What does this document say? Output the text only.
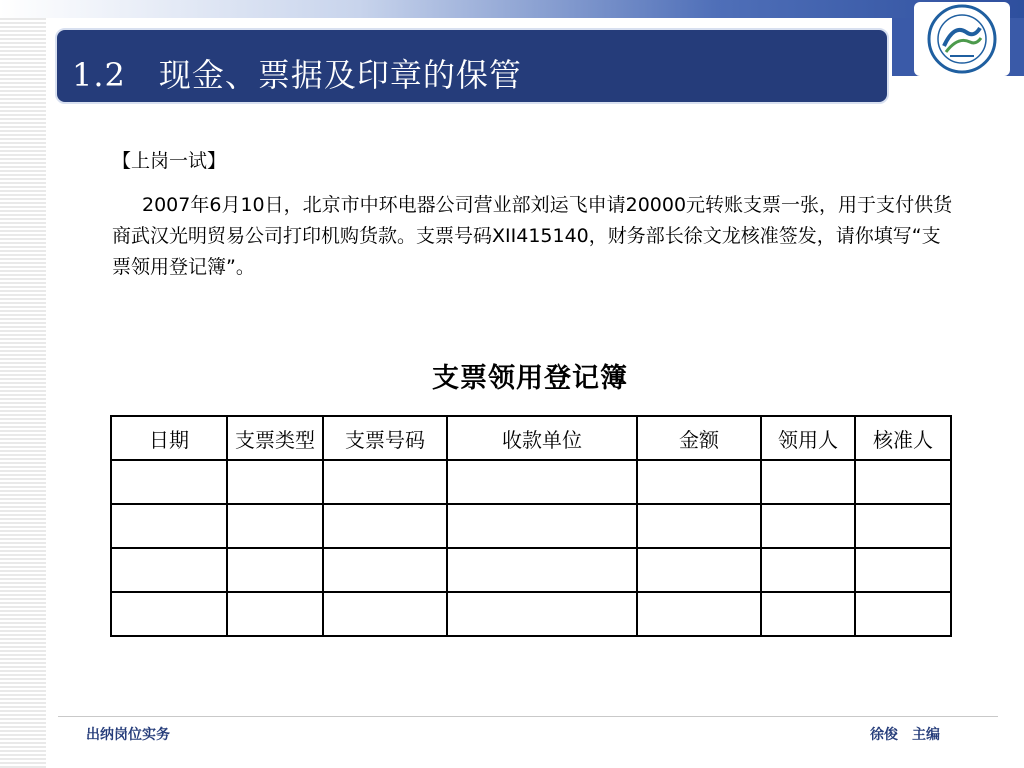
1.2　现金、票据及印章的保管
【上岗一试】
2007年6月10日，北京市中环电器公司营业部刘运飞申请20000元转账支票一张，用于支付供货商武汉光明贸易公司打印机购货款。支票号码XII415140，财务部长徐文龙核准签发，请你填写“支票领用登记簿”。
支票领用登记簿
日期	支票类型	支票号码	收款单位	金额	领用人	核准人

出纳岗位实务	徐俊　主编
